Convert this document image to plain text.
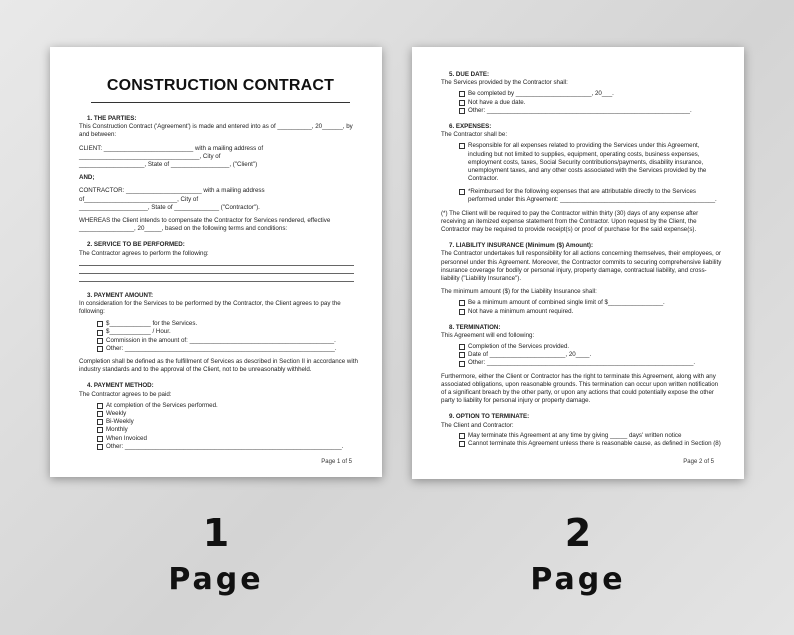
CONSTRUCTION CONTRACT
1. THE PARTIES:

This Construction Contract ('Agreement') is made and entered into as of __________, 20______, by and between:

CLIENT: __________________________ with a mailing address of ___________________________________, City of

___________________, State of _________________, ("Client")

AND;

CONTRACTOR: ______________________ with a mailing address of___________________________, City of

____________________, State of _____________ ("Contractor").

WHEREAS the Client intends to compensate the Contractor for Services rendered, effective ________________, 20_____, based on the following terms and conditions:

2. SERVICE TO BE PERFORMED:

The Contractor agrees to perform the following:

3. PAYMENT AMOUNT:

In consideration for the Services to be performed by the Contractor, the Client agrees to pay the following:

$____________ for the Services.
$____________ / Hour.
Commission in the amount of: __________________________________________.
Other: _____________________________________________________________.

Completion shall be defined as the fulfillment of Services as described in Section II in accordance with industry standards and to the approval of the Client, not to be unreasonably withheld.

4. PAYMENT METHOD:

The Contractor agrees to be paid:

At completion of the Services performed.
Weekly
Bi-Weekly
Monthly
When Invoiced
Other: _______________________________________________________________.
Page 1 of 5
5. DUE DATE:

The Services provided by the Contractor shall:

Be completed by ______________________, 20___.
Not have a due date.
Other: ___________________________________________________________.
6. EXPENSES:

The Contractor shall be:

Responsible for all expenses related to providing the Services under this Agreement, including but not limited to supplies, equipment, operating costs, business expenses, employment costs, taxes, Social Security contributions/payments, disability insurance, unemployment taxes, and any other costs associated with the Services provided by the Contractor.
*Reimbursed for the following expenses that are attributable directly to the Services performed under this Agreement: _____________________________________________.

(*) The Client will be required to pay the Contractor within thirty (30) days of any expense after receiving an itemized expense statement from the Contractor. Upon request by the Client, the Contractor may be required to provide receipt(s) or proof of purchase for the said expense(s).

7. LIABILITY INSURANCE (Minimum ($) Amount):

The Contractor undertakes full responsibility for all actions concerning themselves, their employees, or personnel under this Agreement. Moreover, the Contractor commits to securing comprehensive liability insurance coverage for bodily or personal injury, property damage, contractual liability, and cross-liability ("Liability Insurance").

The minimum amount ($) for the Liability Insurance shall:

Be a minimum amount of combined single limit of $________________.
Not have a minimum amount required.
8. TERMINATION:

This Agreement will end following:

Completion of the Services provided.
Date of ______________________, 20____.
Other: ____________________________________________________________.

Furthermore, either the Client or Contractor has the right to terminate this Agreement, along with any associated obligations, upon reasonable grounds. This termination can occur upon written notification of a significant breach by the other party, or upon any actions that could potentially expose the other party to liability for personal injury or property damage.

9. OPTION TO TERMINATE:

The Client and Contractor:

May terminate this Agreement at any time by giving _____ days' written notice
Cannot terminate this Agreement unless there is reasonable cause, as defined in Section (8)
Page 2 of 5
1
Page
2
Page
